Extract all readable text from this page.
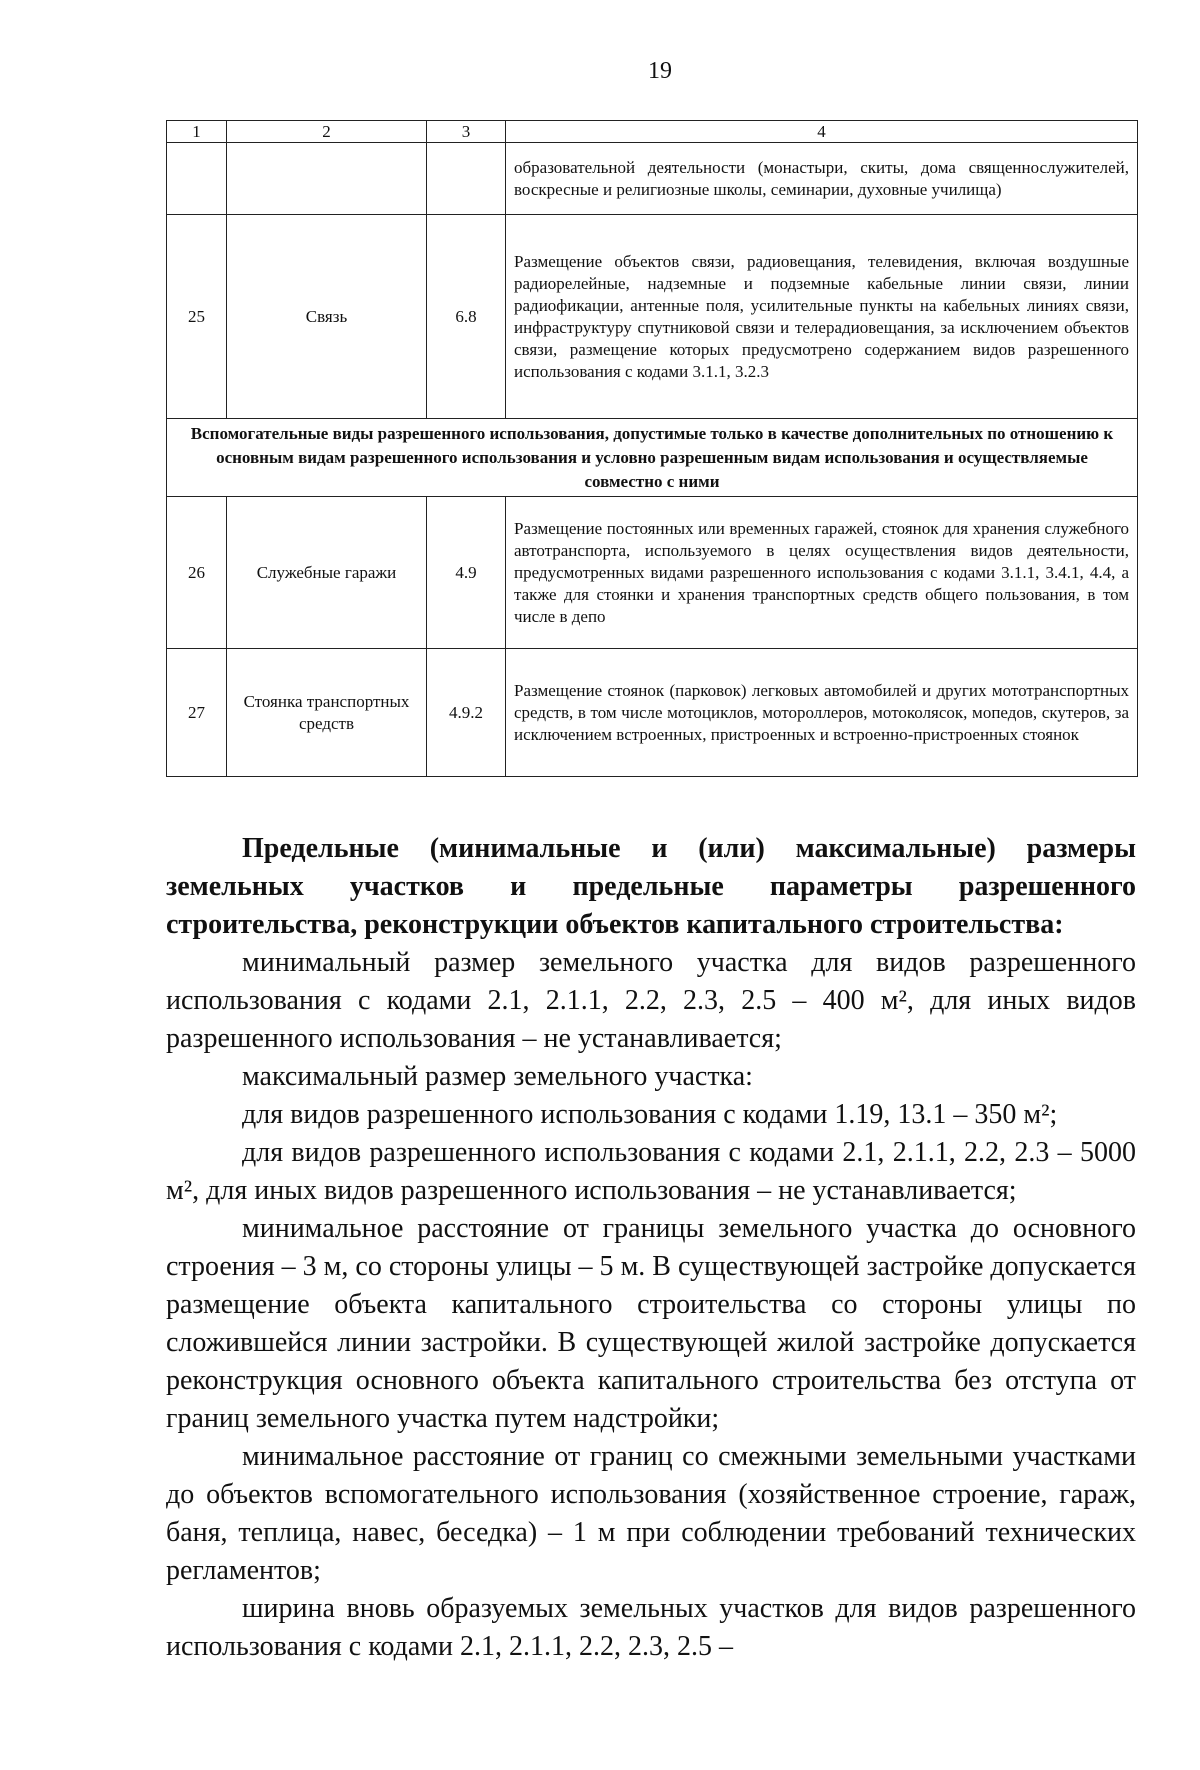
19
1	2	3	4
			образовательной деятельности (монастыри, скиты, дома священнослужителей, воскресные и религиозные школы, семинарии, духовные училища)
25	Связь	6.8	Размещение объектов связи, радиовещания, телевидения, включая воздушные радиорелейные, надземные и подземные кабельные линии связи, линии радиофикации, антенные поля, усилительные пункты на кабельных линиях связи, инфраструктуру спутниковой связи и телерадиовещания, за исключением объектов связи, размещение которых предусмотрено содержанием видов разрешенного использования с кодами 3.1.1, 3.2.3
Вспомогательные виды разрешенного использования, допустимые только в качестве дополнительных по отношению к основным видам разрешенного использования и условно разрешенным видам использования и осуществляемые совместно с ними			
26	Служебные гаражи	4.9	Размещение постоянных или временных гаражей, стоянок для хранения служебного автотранспорта, используемого в целях осуществления видов деятельности, предусмотренных видами разрешенного использования с кодами 3.1.1, 3.4.1, 4.4, а также для стоянки и хранения транспортных средств общего пользования, в том числе в депо
27	Стоянка транспортных средств	4.9.2	Размещение стоянок (парковок) легковых автомобилей и других мототранспортных средств, в том числе мотоциклов, мотороллеров, мотоколясок, мопедов, скутеров, за исключением встроенных, пристроенных и встроенно-пристроенных стоянок

Предельные (минимальные и (или) максимальные) размеры земельных участков и предельные параметры разрешенного строительства, реконструкции объектов капитального строительства:

минимальный размер земельного участка для видов разрешенного использования с кодами 2.1, 2.1.1, 2.2, 2.3, 2.5 – 400 м², для иных видов разрешенного использования – не устанавливается;

максимальный размер земельного участка:

для видов разрешенного использования с кодами 1.19, 13.1 – 350 м²;

для видов разрешенного использования с кодами 2.1, 2.1.1, 2.2, 2.3 – 5000 м², для иных видов разрешенного использования – не устанавливается;

минимальное расстояние от границы земельного участка до основного строения – 3 м, со стороны улицы – 5 м. В существующей застройке допускается размещение объекта капитального строительства со стороны улицы по сложившейся линии застройки. В существующей жилой застройке допускается реконструкция основного объекта капитального строительства без отступа от границ земельного участка путем надстройки;

минимальное расстояние от границ со смежными земельными участками до объектов вспомогательного использования (хозяйственное строение, гараж, баня, теплица, навес, беседка) – 1 м при соблюдении требований технических регламентов;

ширина вновь образуемых земельных участков для видов разрешенного использования с кодами 2.1, 2.1.1, 2.2, 2.3, 2.5 –
